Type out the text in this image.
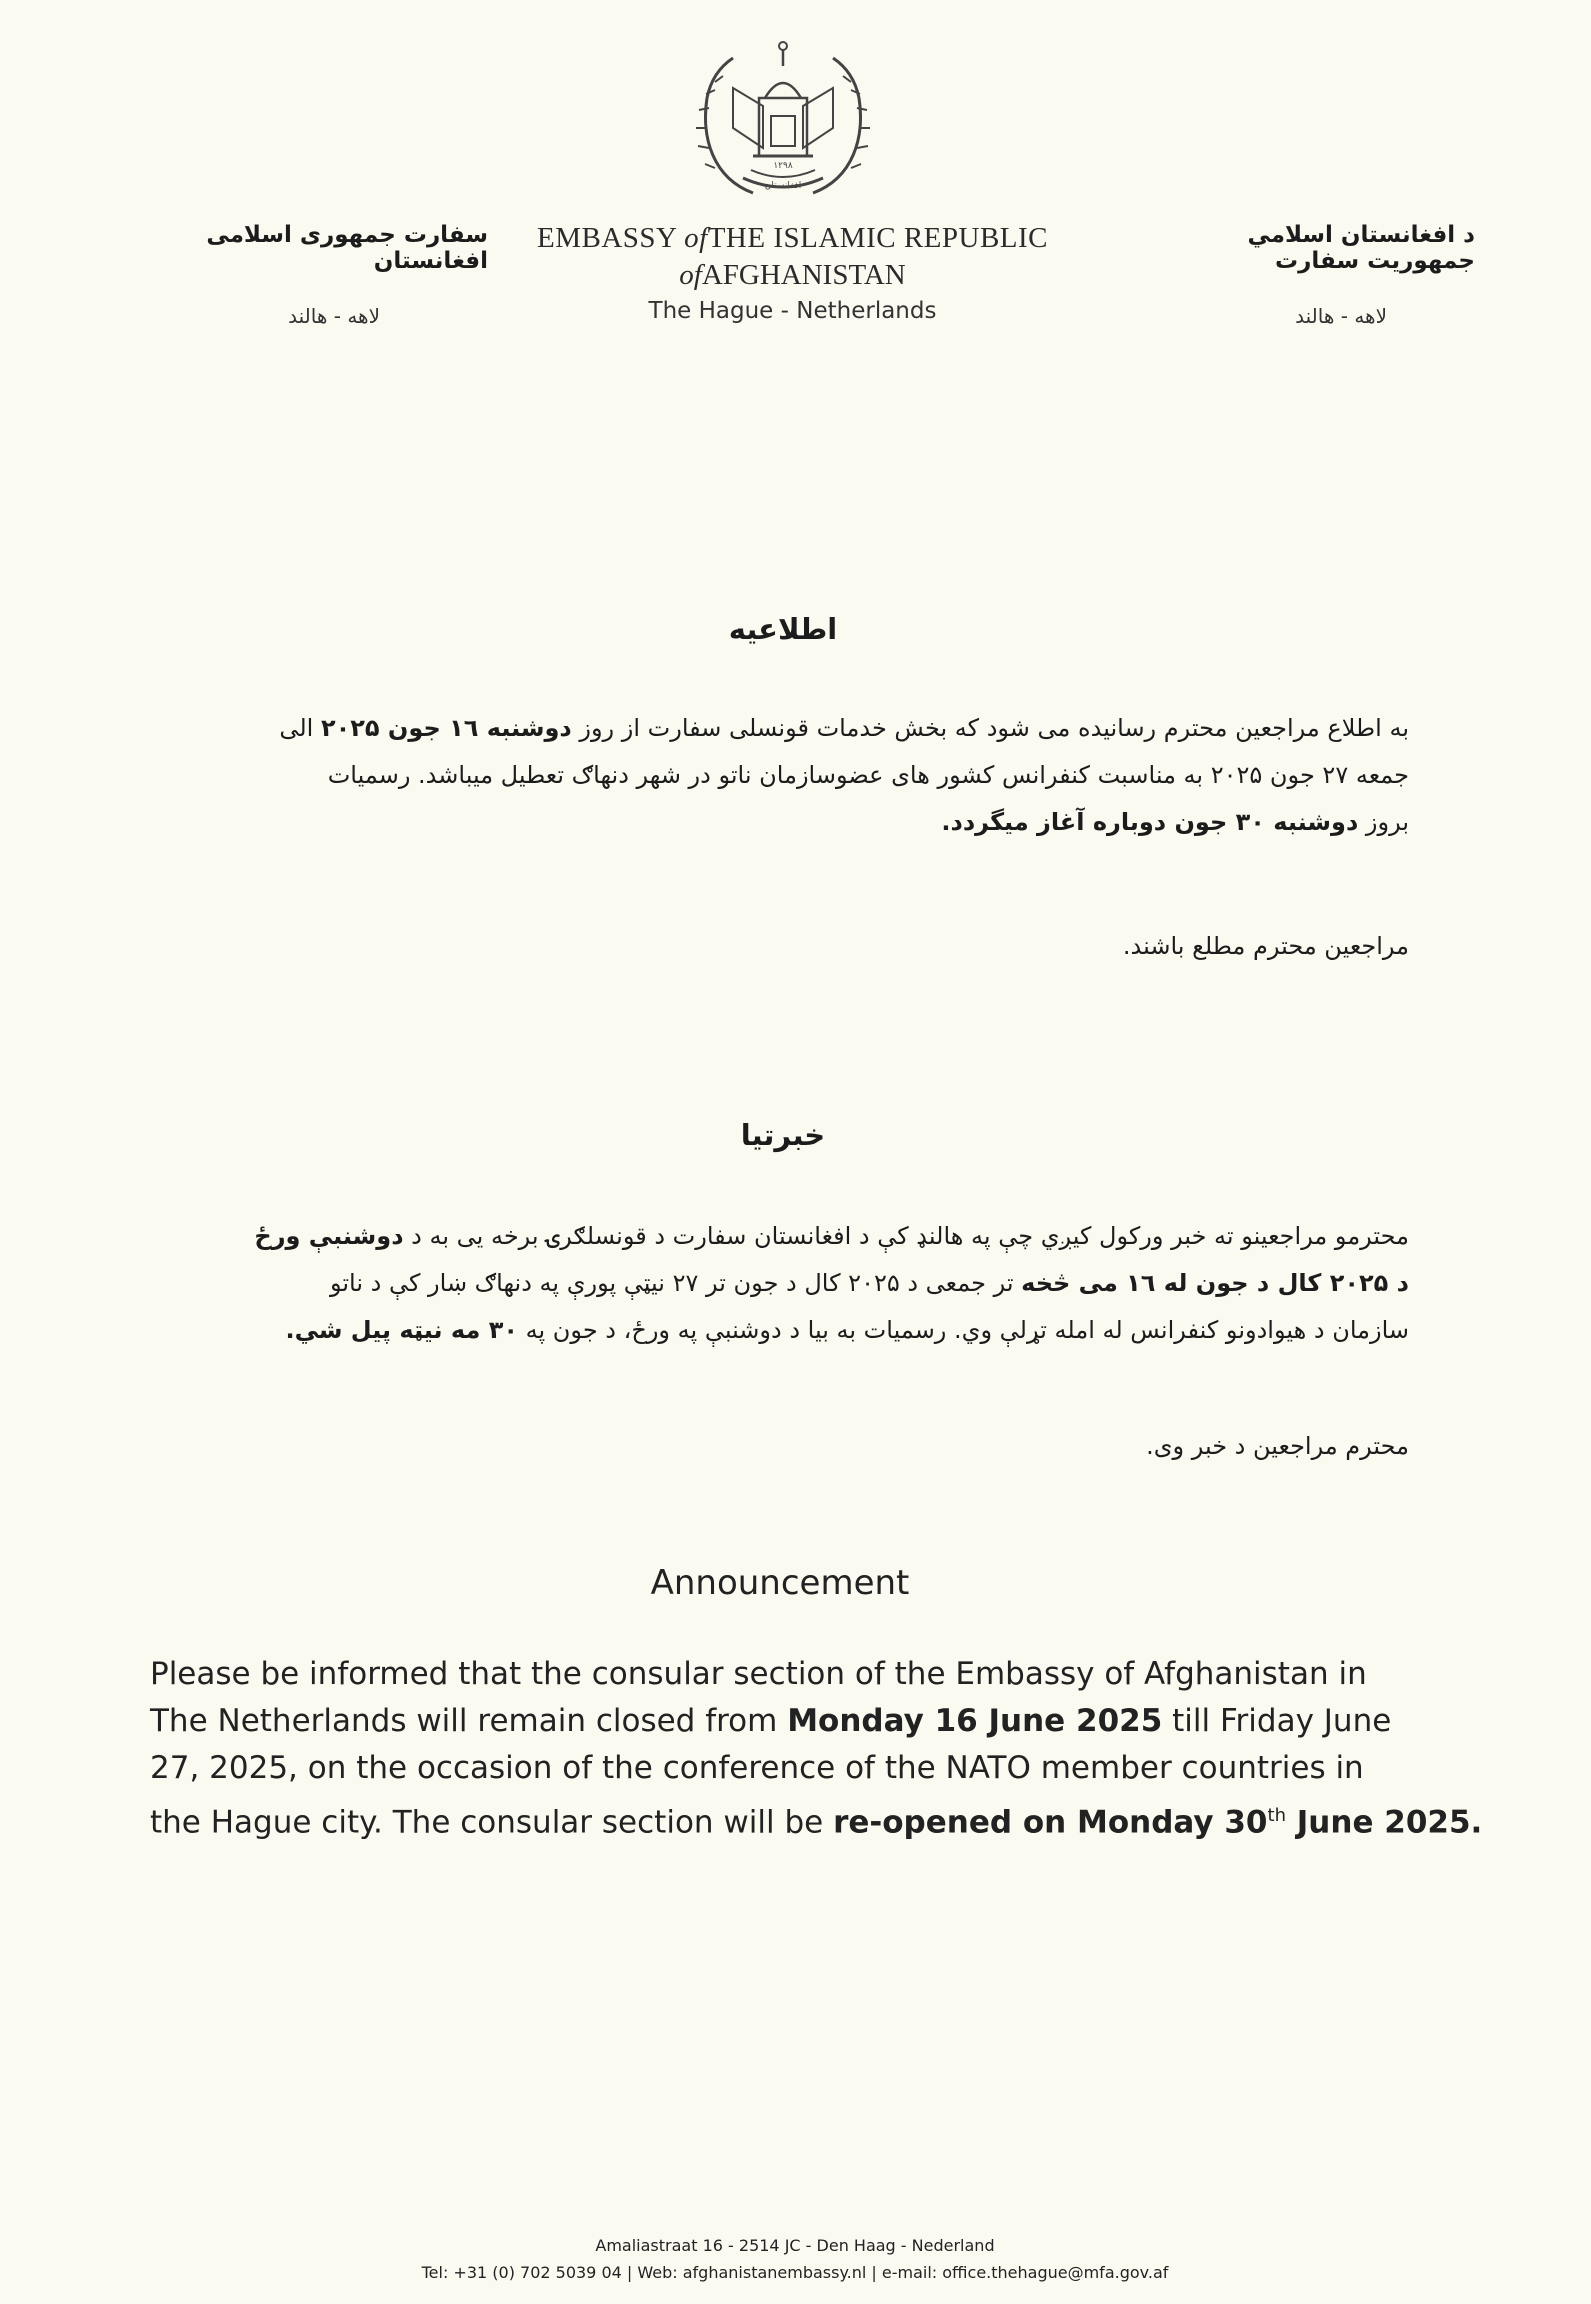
۱۲۹۸
افغانستان
د افغانستان اسلامي جمهوریت سفارت
لاهه - هالند
EMBASSY ofTHE ISLAMIC REPUBLIC
ofAFGHANISTAN
The Hague - Netherlands
سفارت جمهوری اسلامی افغانستان
لاهه - هالند
اطلاعیه
به اطلاع مراجعین محترم رسانیده می شود که بخش خدمات قونسلی سفارت از روز دوشنبه ۱٦ جون ۲۰۲۵ الی
جمعه ۲۷ جون ۲۰۲۵ به مناسبت کنفرانس کشور های عضوسازمان ناتو در شهر دنهاګ تعطیل میباشد. رسمیات
بروز دوشنبه ۳۰ جون دوباره آغاز میگردد.
مراجعین محترم مطلع باشند.
خبرتیا
محترمو مراجعینو ته خبر ورکول کیږي چې په هالنډ کې د افغانستان سفارت د قونسلګرۍ برخه یی به د دوشنبې ورځ
د ۲۰۲۵ کال د جون له ۱٦ می څخه تر جمعی د ۲۰۲۵ کال د جون تر ۲۷ نیټې پورې په دنهاګ ښار کې د ناتو
سازمان د هیوادونو کنفرانس له امله تړلې وي. رسمیات به بیا د دوشنبې په ورځ، د جون په ۳۰ مه نیټه پیل شي.
محترم مراجعین د خبر وی.
Announcement
Please be informed that the consular section of the Embassy of Afghanistan in
The Netherlands will remain closed from Monday 16 June 2025 till Friday June
27, 2025, on the occasion of the conference of the NATO member countries in
the Hague city. The consular section will be re-opened on Monday 30th June 2025.
Amaliastraat 16 - 2514 JC - Den Haag - Nederland
Tel: +31 (0) 702 5039 04 | Web: afghanistanembassy.nl | e-mail: office.thehague@mfa.gov.af
